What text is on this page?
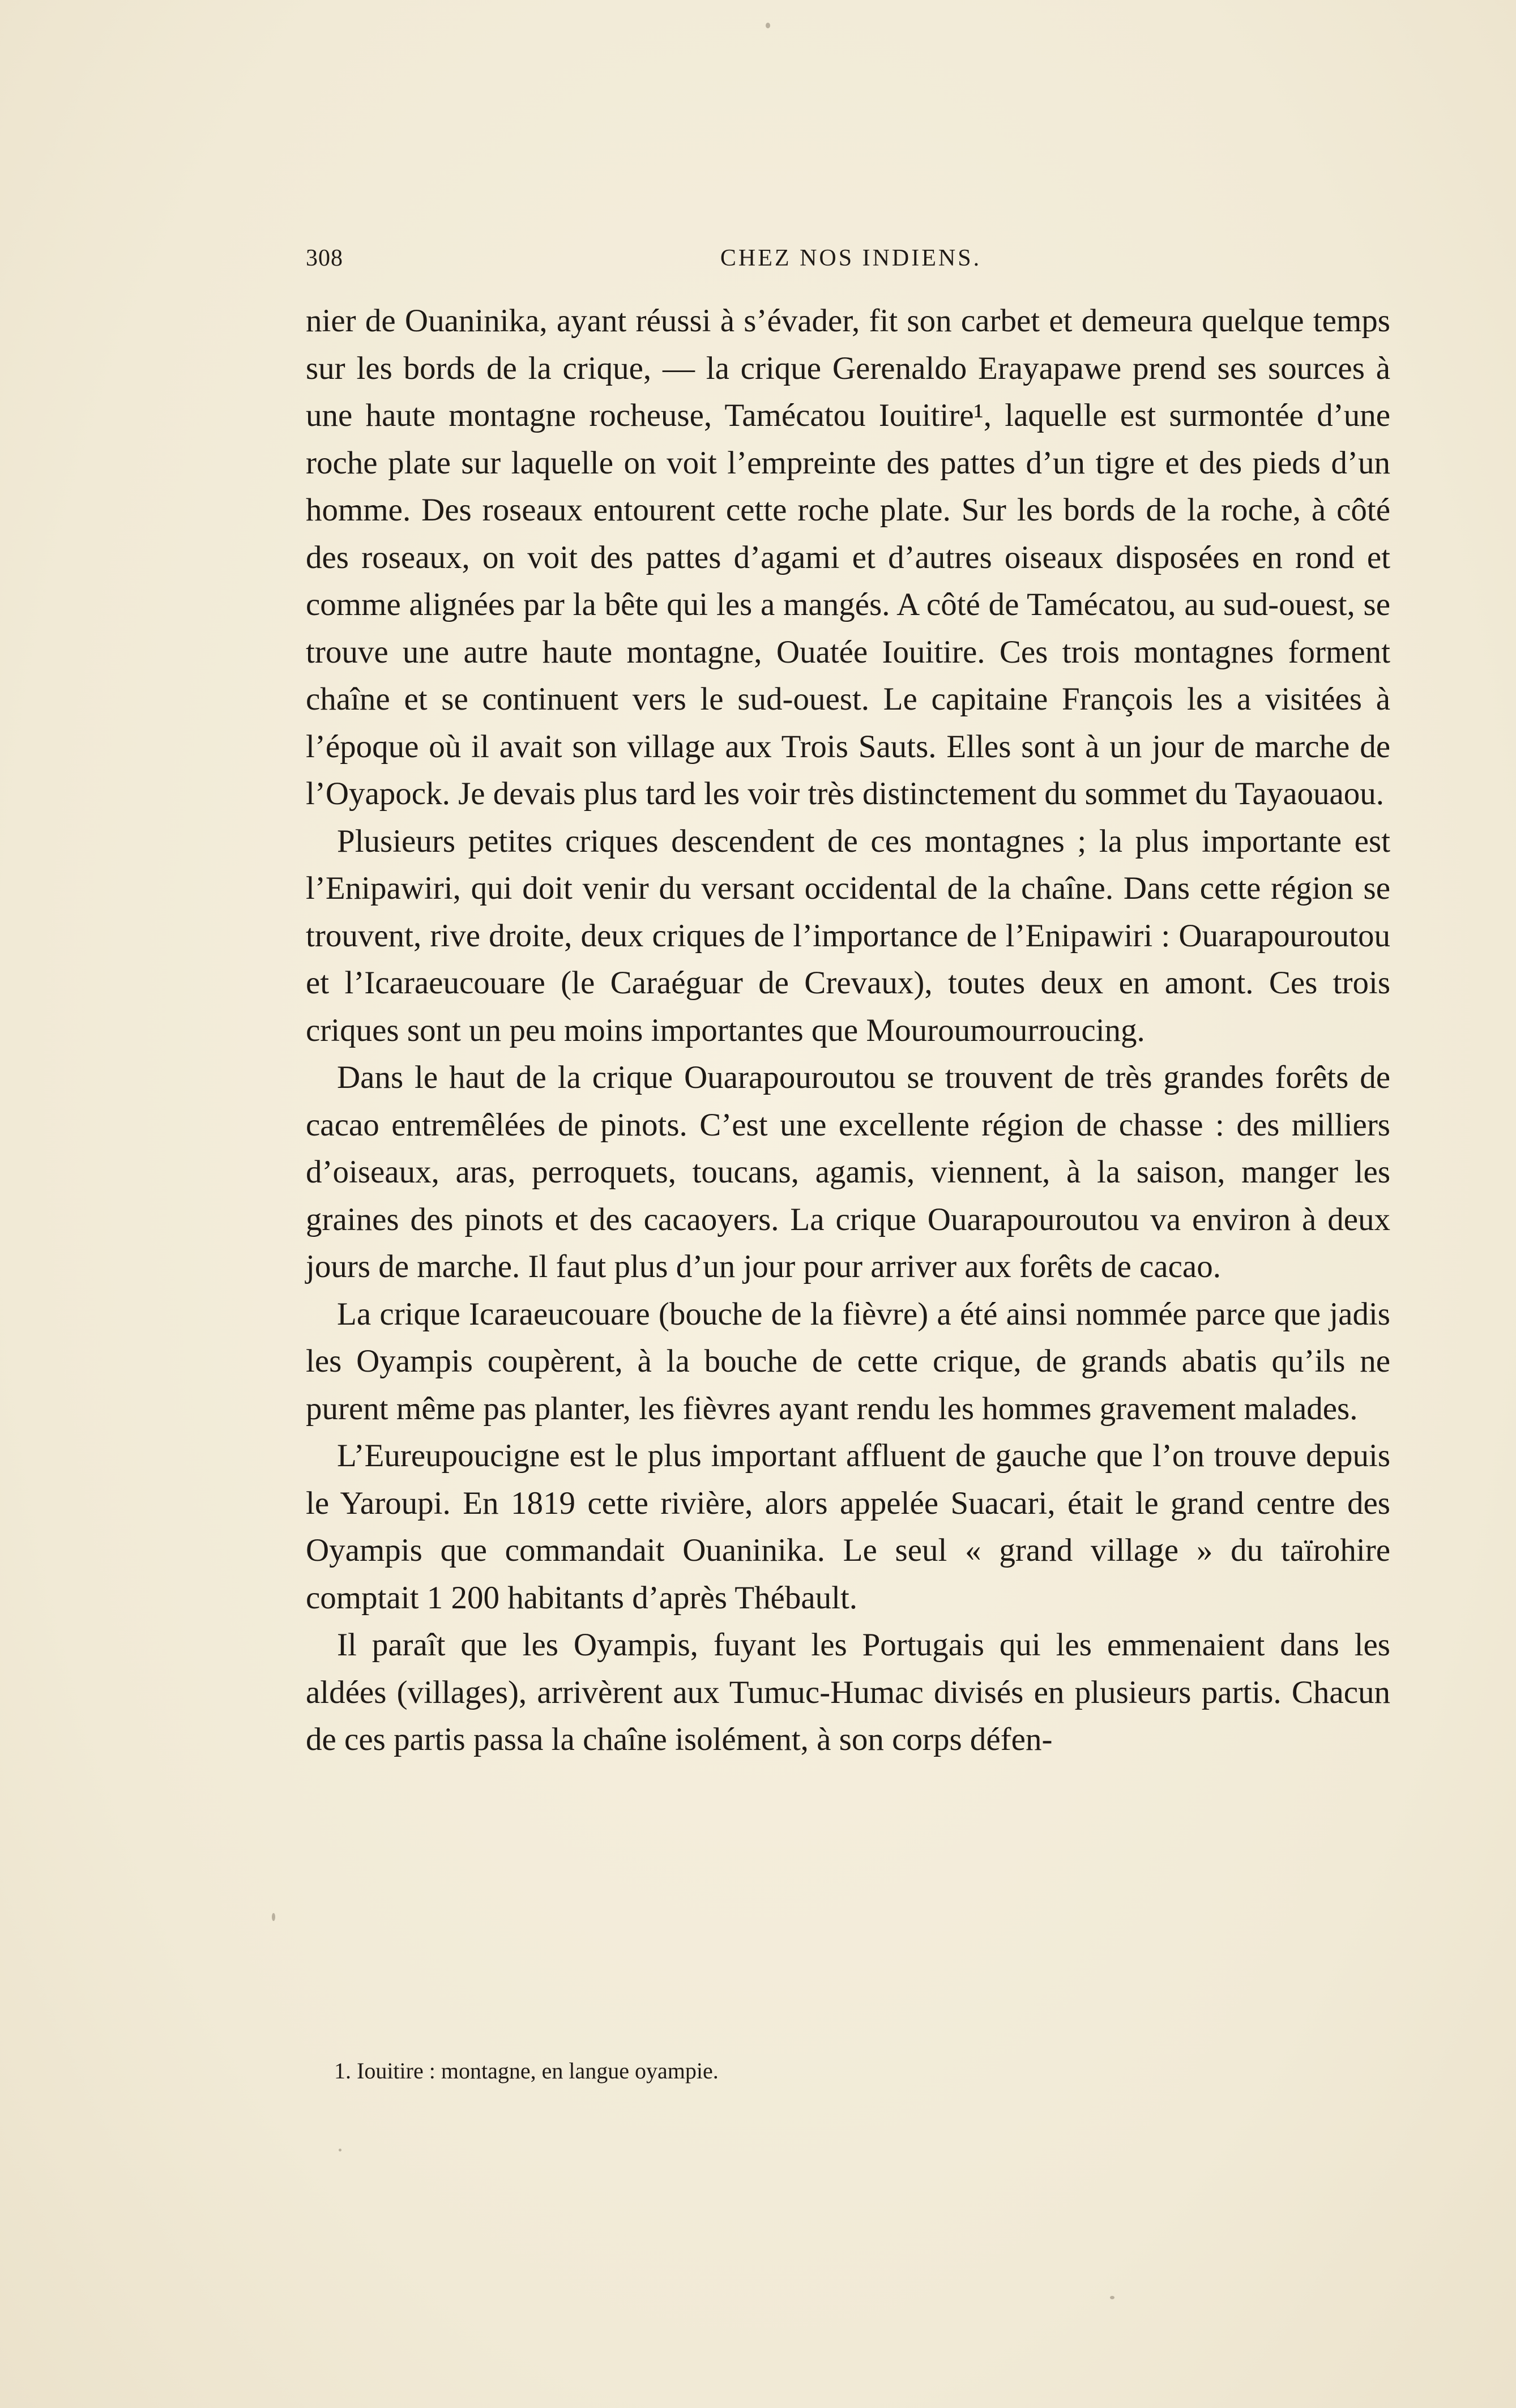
308	CHEZ NOS INDIENS.

nier de Ouaninika, ayant réussi à s’évader, fit son carbet et demeura quelque temps sur les bords de la crique, — la crique Gerenaldo Erayapawe prend ses sources à une haute montagne rocheuse, Tamécatou Iouitire¹, laquelle est surmontée d’une roche plate sur laquelle on voit l’empreinte des pattes d’un tigre et des pieds d’un homme. Des roseaux entourent cette roche plate. Sur les bords de la roche, à côté des roseaux, on voit des pattes d’agami et d’autres oiseaux disposées en rond et comme alignées par la bête qui les a mangés. A côté de Tamécatou, au sud-ouest, se trouve une autre haute montagne, Ouatée Iouitire. Ces trois montagnes forment chaîne et se continuent vers le sud-ouest. Le capitaine François les a visitées à l’époque où il avait son village aux Trois Sauts. Elles sont à un jour de marche de l’Oyapock. Je devais plus tard les voir très distinctement du sommet du Tayaouaou.

Plusieurs petites criques descendent de ces montagnes ; la plus importante est l’Enipawiri, qui doit venir du versant occidental de la chaîne. Dans cette région se trouvent, rive droite, deux criques de l’importance de l’Enipawiri : Ouarapouroutou et l’Icaraeucouare (le Caraéguar de Crevaux), toutes deux en amont. Ces trois criques sont un peu moins importantes que Mouroumourroucing.

Dans le haut de la crique Ouarapouroutou se trouvent de très grandes forêts de cacao entremêlées de pinots. C’est une excellente région de chasse : des milliers d’oiseaux, aras, perroquets, toucans, agamis, viennent, à la saison, manger les graines des pinots et des cacaoyers. La crique Ouarapouroutou va environ à deux jours de marche. Il faut plus d’un jour pour arriver aux forêts de cacao.

La crique Icaraeucouare (bouche de la fièvre) a été ainsi nommée parce que jadis les Oyampis coupèrent, à la bouche de cette crique, de grands abatis qu’ils ne purent même pas planter, les fièvres ayant rendu les hommes gravement malades.

L’Eureupoucigne est le plus important affluent de gauche que l’on trouve depuis le Yaroupi. En 1819 cette rivière, alors appelée Suacari, était le grand centre des Oyampis que commandait Ouaninika. Le seul « grand village » du taïrohire comptait 1 200 habitants d’après Thébault.

Il paraît que les Oyampis, fuyant les Portugais qui les emmenaient dans les aldées (villages), arrivèrent aux Tumuc-Humac divisés en plusieurs partis. Chacun de ces partis passa la chaîne isolément, à son corps défen-

1. Iouitire : montagne, en langue oyampie.
